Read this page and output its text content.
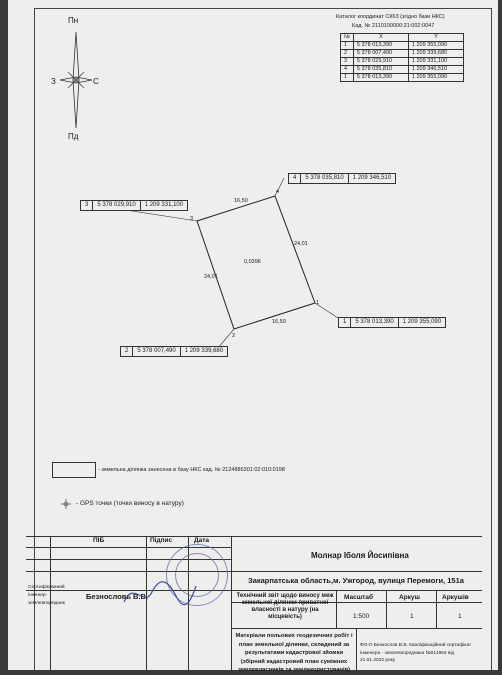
Пн
Пд
З	С
Каталог координат СК63 (згідно бази НКС)
Кад. № 2110100000:21:002:0047
№	X	Y
1	5 378 013,390	1 209 355,090
2	5 378 007,490	1 209 339,680
3	5 378 029,910	1 209 331,100
4	5 378 035,810	1 209 346,510
1	5 378 013,390	1 209 355,090
4
3
1
2
16,50
24,01
16,50
24,01
0,0396
4	5 378 035,810	1 209 346,510
3	5 378 029,910	1 209 331,100
1	5 378 013,390	1 209 355,090
2	5 378 007,490	1 209 339,680
- земельна ділянка занесена в базу НКС кад. № 2124886301:02:010:0198
- GPS точки (точки виносу в натуру)
ПІБ	Підпис	Дата
Молнар Іболя Йосипівна
Закарпатська область,м. Ужгород, вулиця Перемоги, 151а
Сертифікований інженер-землевпорядник
Безнословь В.В.	Технічний звіт щодо виносу меж земельної ділянки приватної власності в натуру (на місцевість)
Масштаб	Аркуш	Аркушів
1:500	1	1
Матеріали польових геодезичних робіт і план земельної ділянки, складений за результатами кадастрової зйомки (збірний кадастровий план суміжних землевласників та землекористувачів)
ФО-П Безнослов В.В. Кваліфікаційний сертифікат інженера - землевпорядника №014963 від 21.01.2022 року
